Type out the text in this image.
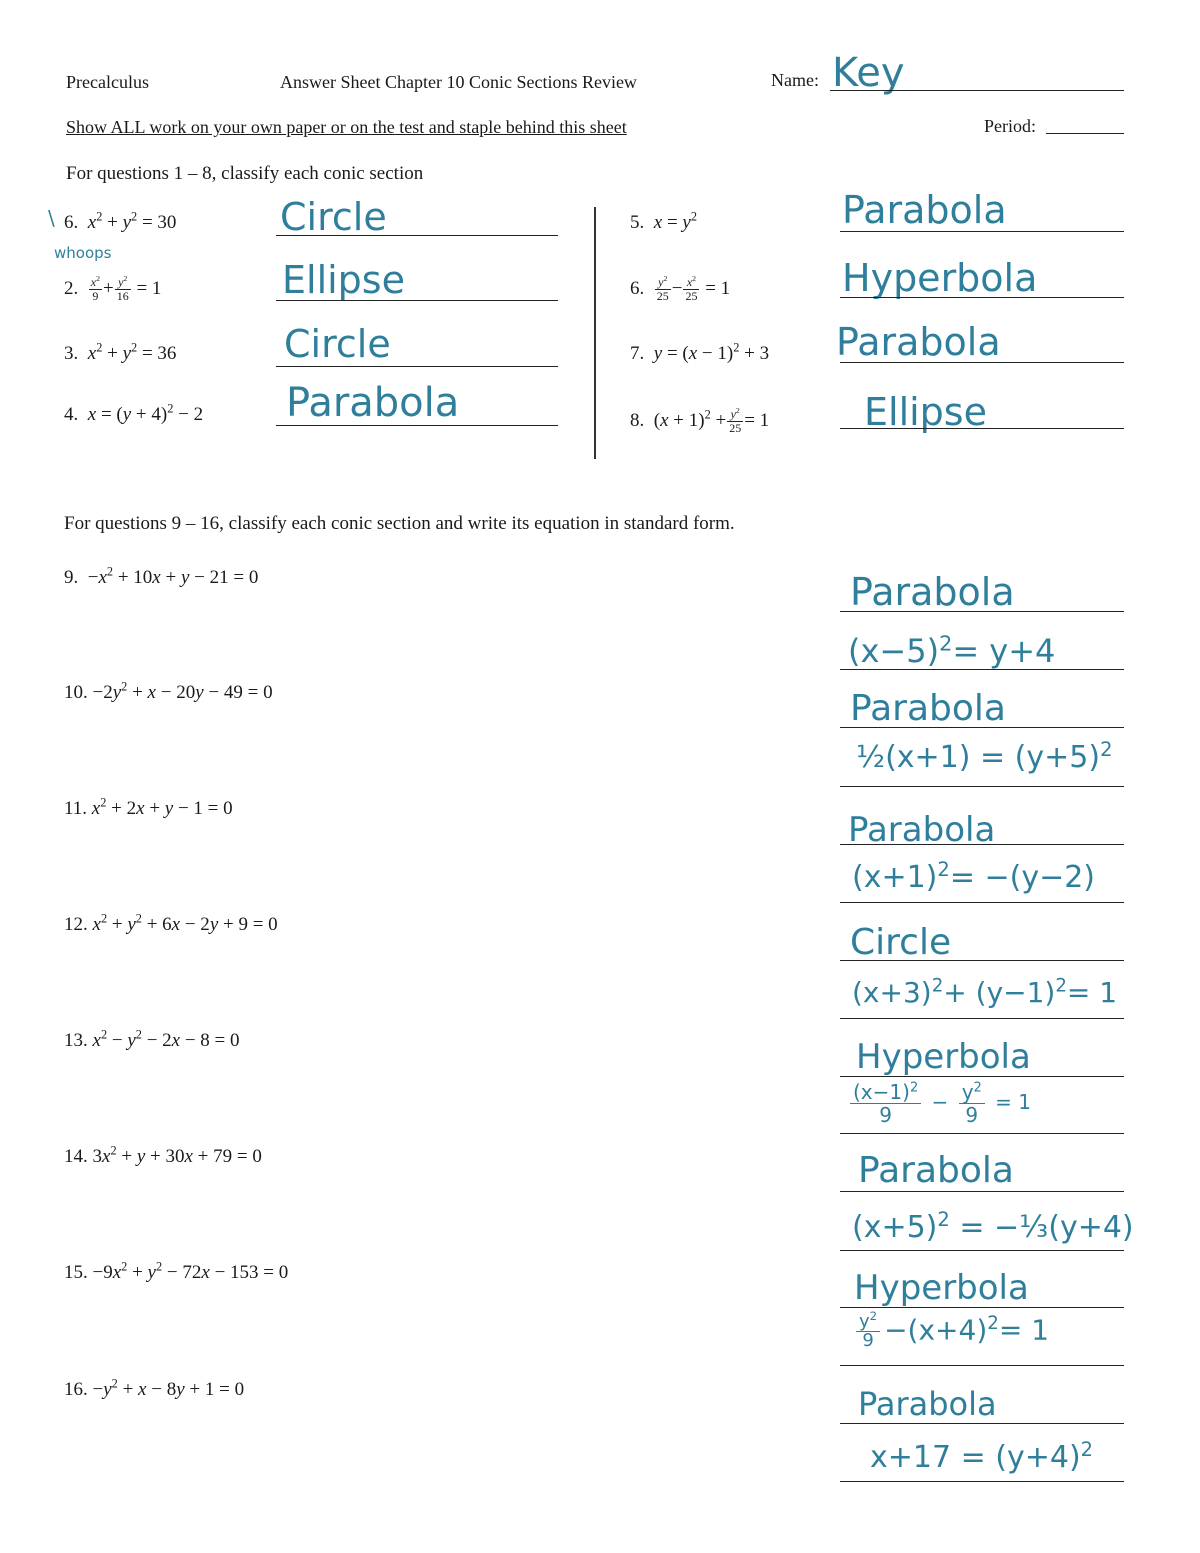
Precalculus	Answer Sheet Chapter 10 Conic Sections Review	Name: Key
Show ALL work on your own paper or on the test and staple behind this sheet	Period:
For questions 1 – 8, classify each conic section
\ 6. $x^2 + y^2 = 30$
whoops
Circle
2. $\frac{x^2}{9} + \frac{y^2}{16} = 1$	Ellipse
3. $x^2 + y^2 = 36$	Circle
4. $x = (y + 4)^2 - 2$ Parabola
5. $x = y^2$	Parabola
6. $\frac{y^2}{25} - \frac{x^2}{25} = 1$	Hyperbola
7. $y = (x - 1)^2 + 3$ Parabola
8.  $(x + 1)^2 + \frac{y^2}{25} = 1$ Ellipse
For questions 9 – 16, classify each conic section and write its equation in standard form.
9.  $-x^2 + 10x + y - 21 = 0$	Parabola
$(x-5)^2= y+4$
10. $-2y^2 + x - 20y - 49 = 0$	Parabola
½(x+1) = $(y+5)^2$
11. $x^2 + 2x + y - 1 = 0$
Parabola
$(x+1)^2= -(y-2)$
12. $x^2 + y^2 + 6x - 2y + 9 = 0$	Circle
$(x+3)^2+ (y-1)^2= 1$
13. $x^2 - y^2 - 2x - 8 = 0$	Hyperbola
$\frac{(x-1)^2}{9} - \frac{y^2}{9} = 1$
14. $3x^2 + y + 30x + 79 = 0$	Parabola
$(x+5)^2$ = −⅓(y+4)
15. $-9x^2 + y^2 - 72x - 153 = 0$	Hyperbola
$\frac{y^2}{9} -(x+4)^2= 1$
16. $-y^2 + x - 8y + 1 = 0$	Parabola
$x+17 = (y+4)^2$
